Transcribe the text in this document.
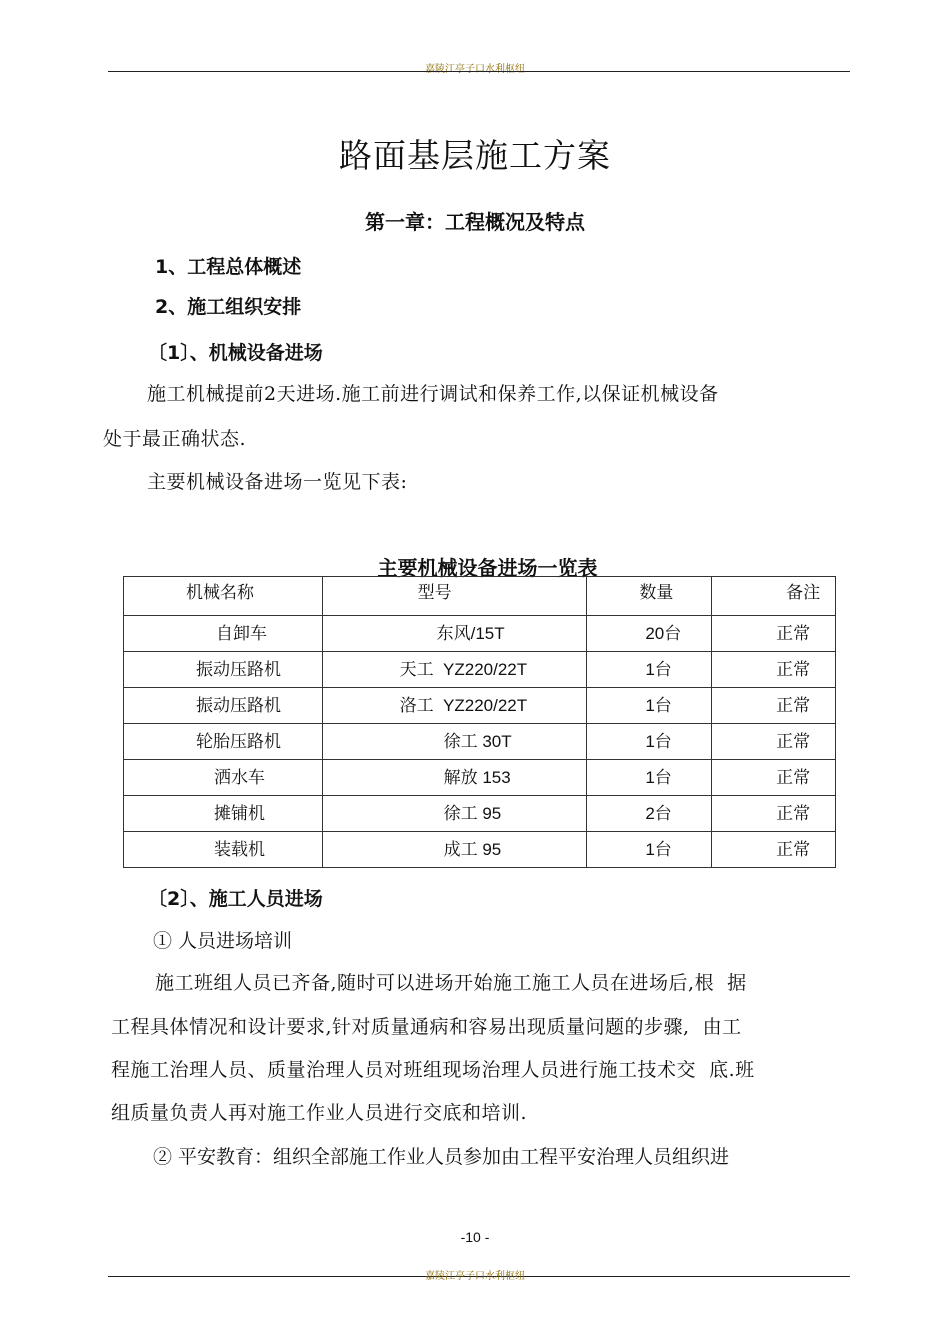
嘉陵江亭子口水利枢纽
路面基层施工方案
第一章：工程概况及特点
1、工程总体概述
2、施工组织安排
〔1〕、机械设备进场
施工机械提前2天进场.施工前进行调试和保养工作,以保证机械设备
处于最正确状态.
主要机械设备进场一览见下表:
主要机械设备进场一览表
机械名称	型号	数量	备注
自卸车	东风/15T	20台	正常
振动压路机	天工  YZ220/22T	1台	正常
振动压路机	洛工  YZ220/22T	1台	正常
轮胎压路机	徐工 30T	1台	正常
洒水车	解放 153	1台	正常
摊铺机	徐工 95	2台	正常
装载机	成工 95	1台	正常
〔2〕、施工人员进场
① 人员进场培训
施工班组人员已齐备,随时可以进场开始施工施工人员在进场后,根  据
工程具体情况和设计要求,针对质量通病和容易出现质量问题的步骤,  由工
程施工治理人员、质量治理人员对班组现场治理人员进行施工技术交  底.班
组质量负责人再对施工作业人员进行交底和培训.
② 平安教育：组织全部施工作业人员参加由工程平安治理人员组织进
-10 -
嘉陵江亭子口水利枢纽
